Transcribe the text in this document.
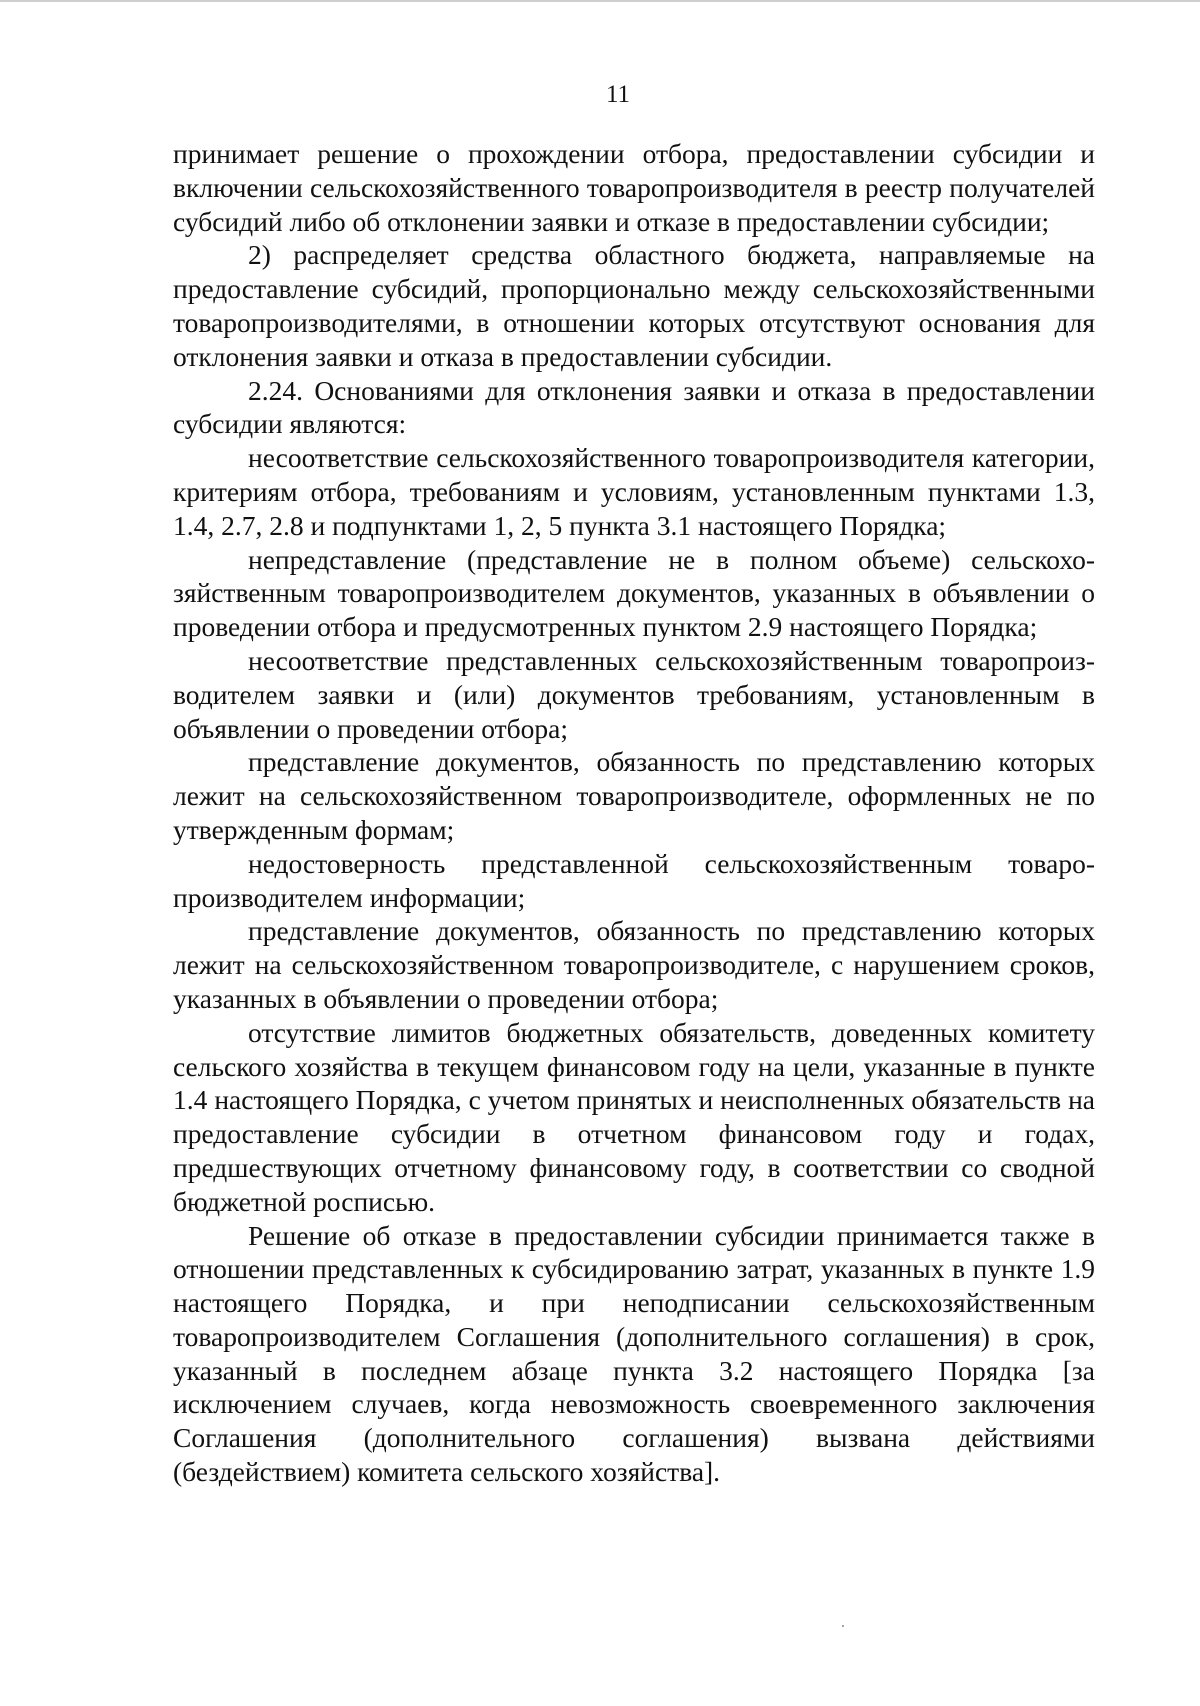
11

принимает решение о прохождении отбора, предоставлении субсидии и включении сельскохозяйственного товаропроизводителя в реестр получателей субсидий либо об отклонении заявки и отказе в предоставлении субсидии;

2) распределяет средства областного бюджета, направляемые на предоставление субсидий, пропорционально между сельскохозяйственными товаропроизводителями, в отношении которых отсутствуют основания для отклонения заявки и отказа в предоставлении субсидии.

2.24. Основаниями для отклонения заявки и отказа в предоставлении субсидии являются:

несоответствие сельскохозяйственного товаропроизводителя категории, критериям отбора, требованиям и условиям, установленным пунктами 1.3, 1.4, 2.7, 2.8 и подпунктами 1, 2, 5 пункта 3.1 настоящего Порядка;

непредставление (представление не в полном объеме) сельскохозяйственным товаропроизводителем документов, указанных в объявлении о проведении отбора и предусмотренных пунктом 2.9 настоящего Порядка;

несоответствие представленных сельскохозяйственным товаропроизводителем заявки и (или) документов требованиям, установленным в объявлении о проведении отбора;

представление документов, обязанность по представлению которых лежит на сельскохозяйственном товаропроизводителе, оформленных не по утвержденным формам;

недостоверность представленной сельскохозяйственным товаропроизводителем информации;

представление документов, обязанность по представлению которых лежит на сельскохозяйственном товаропроизводителе, с нарушением сроков, указанных в объявлении о проведении отбора;

отсутствие лимитов бюджетных обязательств, доведенных комитету сельского хозяйства в текущем финансовом году на цели, указанные в пункте 1.4 настоящего Порядка, с учетом принятых и неисполненных обязательств на предоставление субсидии в отчетном финансовом году и годах, предшествующих отчетному финансовому году, в соответствии со сводной бюджетной росписью.

Решение об отказе в предоставлении субсидии принимается также в отношении представленных к субсидированию затрат, указанных в пункте 1.9 настоящего Порядка, и при неподписании сельскохозяйственным товаропроизводителем Соглашения (дополнительного соглашения) в срок, указанный в последнем абзаце пункта 3.2 настоящего Порядка [за исключением случаев, когда невозможность своевременного заключения Соглашения (дополнительного соглашения) вызвана действиями (бездействием) комитета сельского хозяйства].
